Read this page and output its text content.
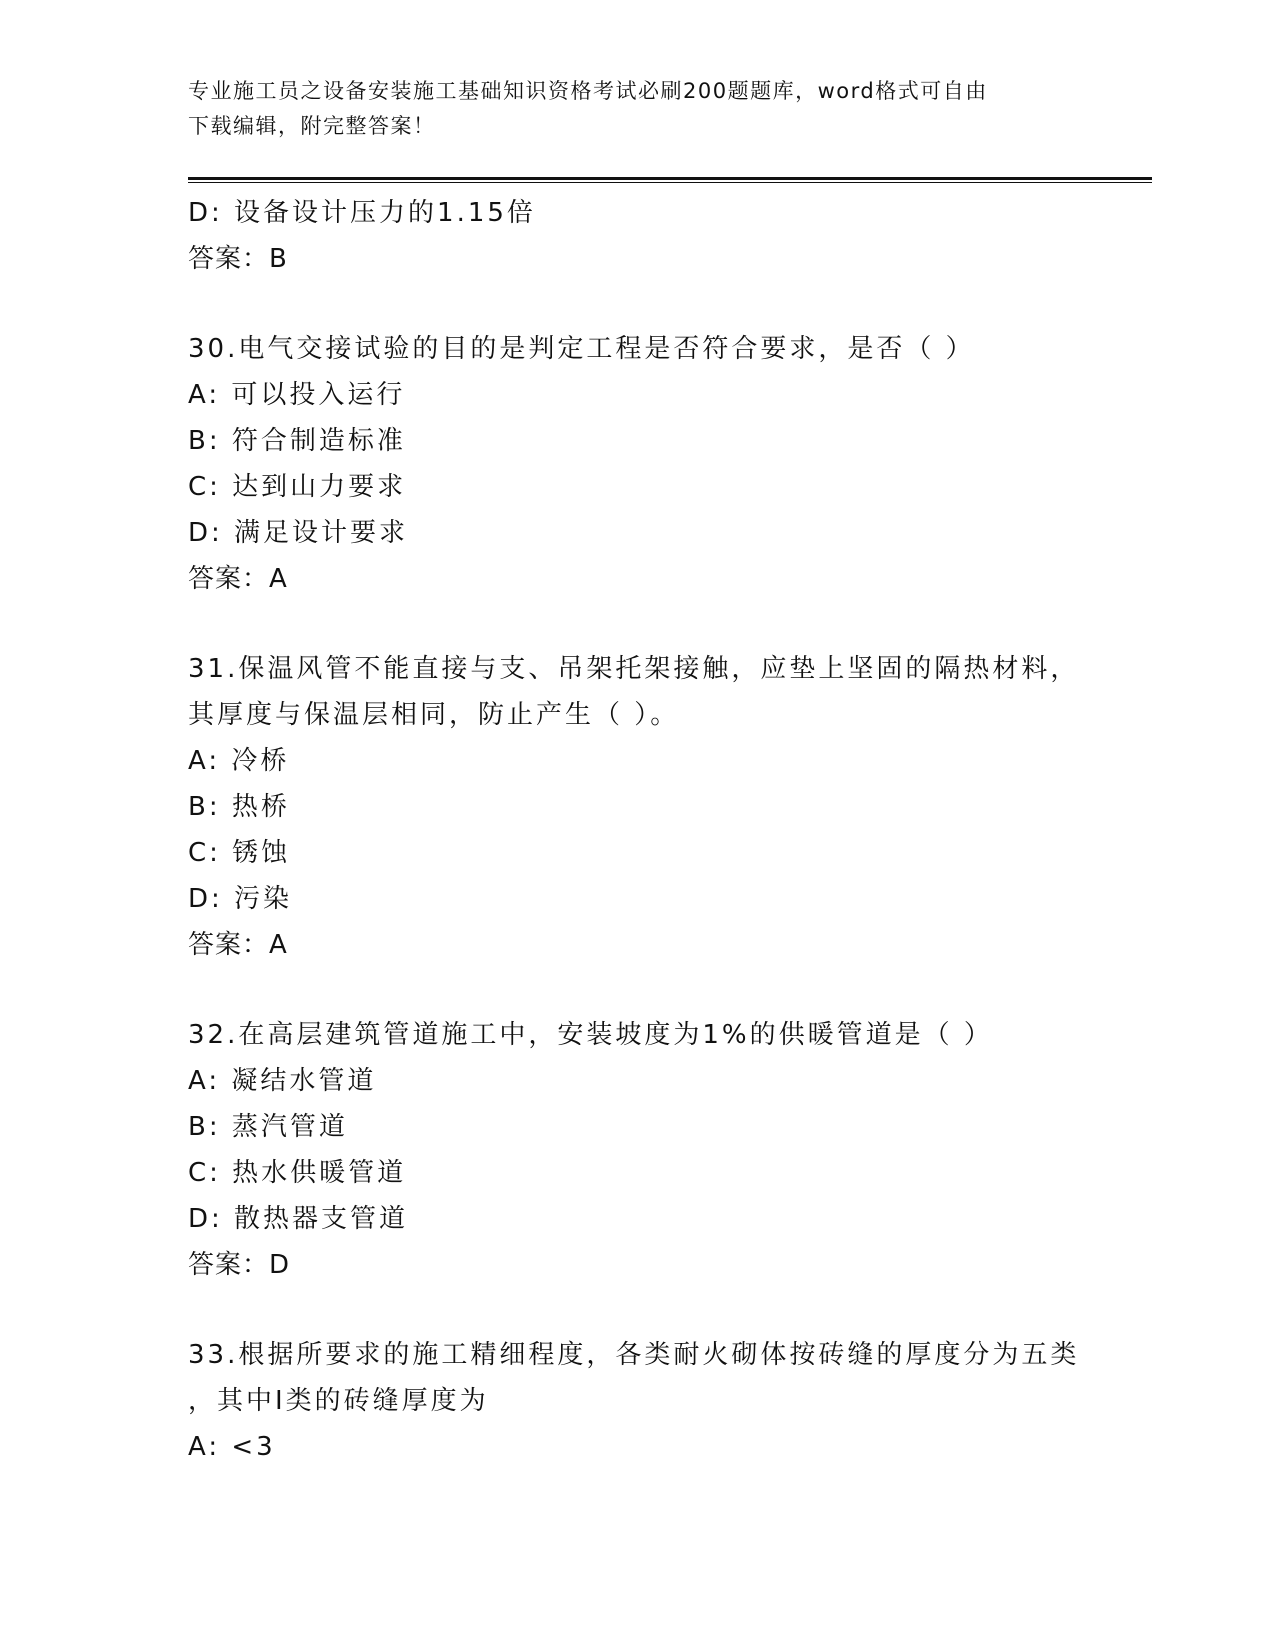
专业施工员之设备安装施工基础知识资格考试必刷200题题库，word格式可自由
下载编辑，附完整答案！
D: 设备设计压力的1.15倍
答案：B
30.电气交接试验的目的是判定工程是否符合要求，是否（ ）
A: 可以投入运行
B: 符合制造标准
C: 达到山力要求
D: 满足设计要求
答案：A
31.保温风管不能直接与支、吊架托架接触，应垫上坚固的隔热材料，
其厚度与保温层相同，防止产生（ ）。
A: 冷桥
B: 热桥
C: 锈蚀
D: 污染
答案：A
32.在高层建筑管道施工中，安装坡度为1%的供暖管道是（ ）
A: 凝结水管道
B: 蒸汽管道
C: 热水供暖管道
D: 散热器支管道
答案：D
33.根据所要求的施工精细程度，各类耐火砌体按砖缝的厚度分为五类
，其中I类的砖缝厚度为
A: <3
